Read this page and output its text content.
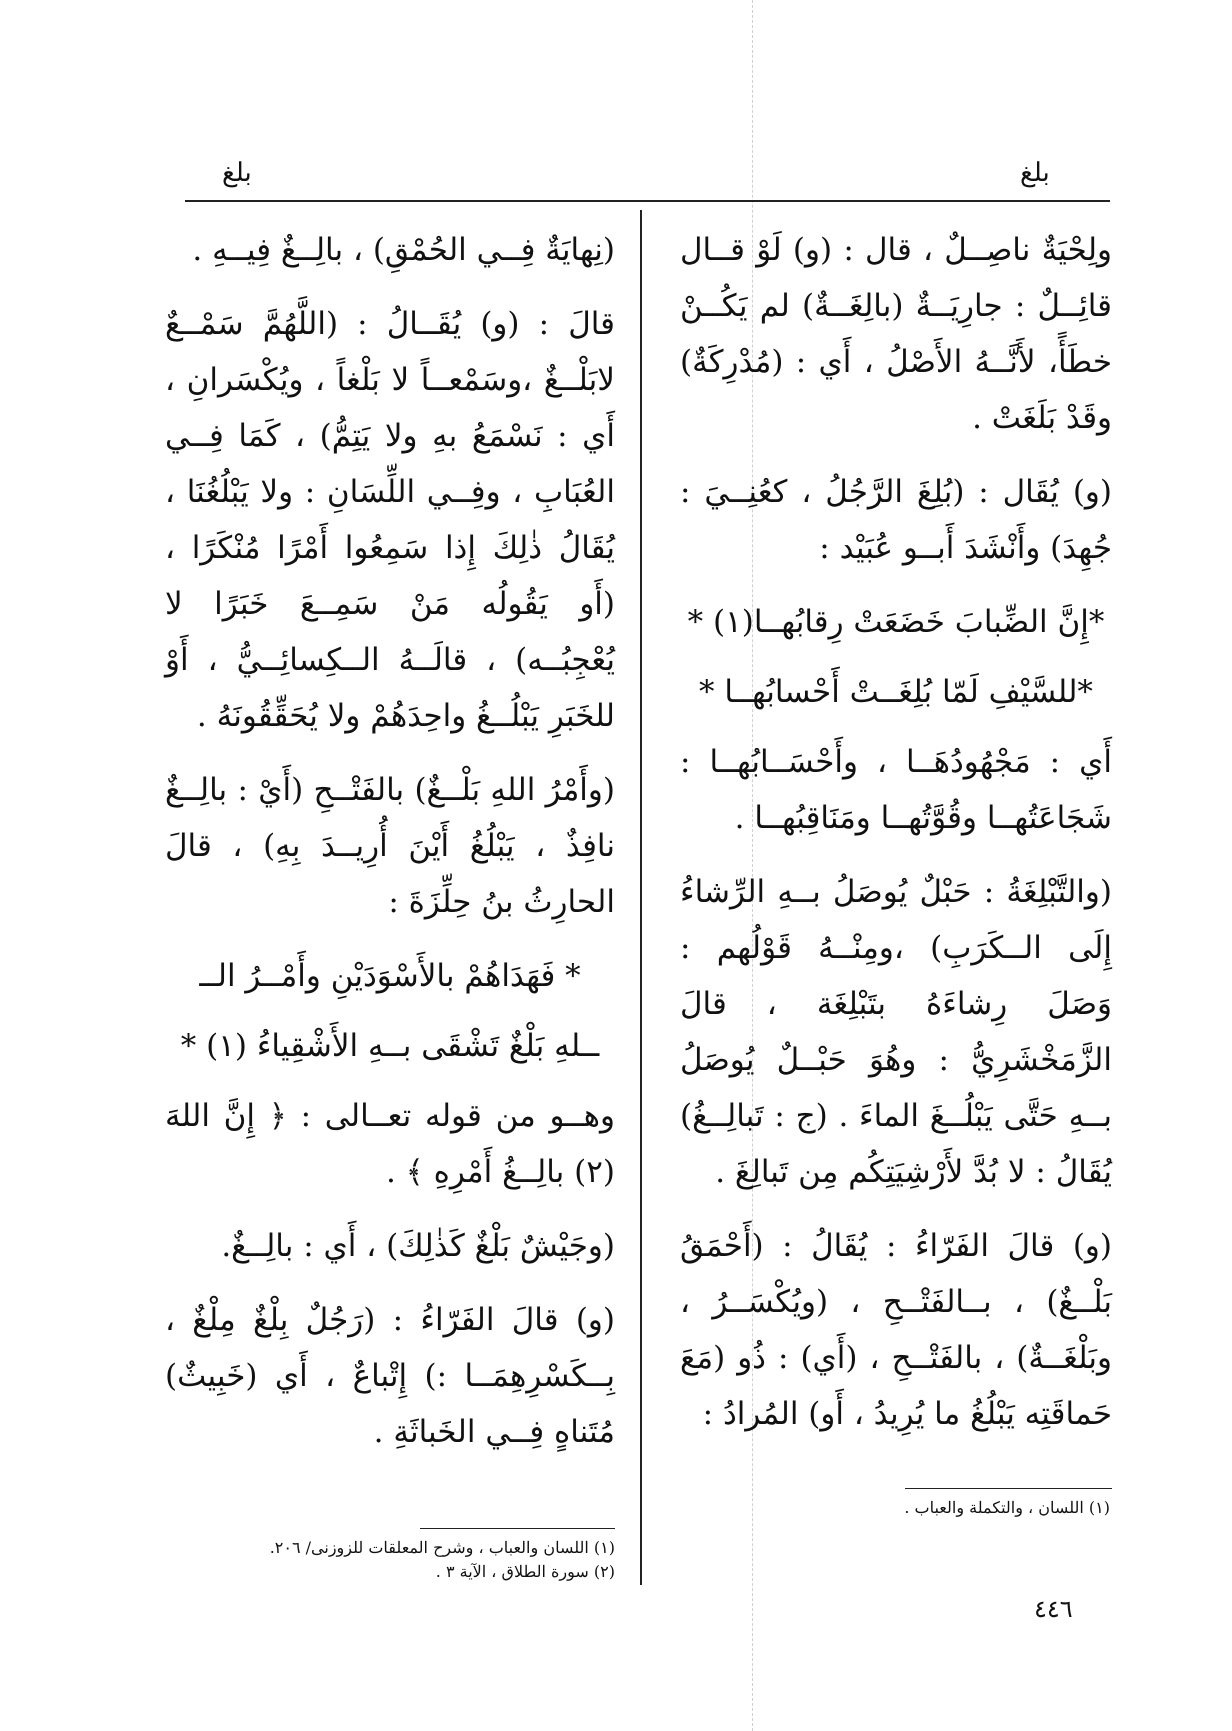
بلغ
بلغ

ولِحْيَةٌ ناصِــلٌ ، قال : (و) لَوْ قــال قائِــلٌ : جارِيَــةٌ (بالِغَــةٌ) لم يَكُــنْ خطَأً، لأَنَّــهُ الأَصْلُ ، أَي : (مُدْرِكَةٌ) وقَدْ بَلَغَتْ .

(و) يُقَال : (بُلِغَ الرَّجُلُ ، كعُنِــيَ : جُهِدَ) وأَنْشَدَ أَبــو عُبَيْد :

*إِنَّ الضِّبابَ خَضَعَتْ رِقابُهــا(١) *

*للسَّيْفِ لَمّا بُلِغَــتْ أَحْسابُهــا *

أَي : مَجْهُودُهَــا ، وأَحْسَــابُهــا : شَجَاعَتُهــا وقُوَّتُهــا ومَنَاقِبُهــا .

(والتَّبْلِغَةُ : حَبْلٌ يُوصَلُ بــهِ الرِّشاءُ إِلَى الــكَرَبِ) ،ومِنْــهُ قَوْلُهم : وَصَلَ رِشاءَهُ بتَبْلِغَة ، قالَ الزَّمَخْشَرِيُّ : وهُوَ حَبْــلٌ يُوصَلُ بــهِ حَتَّى يَبْلُــغَ الماءَ . (ج : تَبالِــغُ) يُقَالُ : لا بُدَّ لأَرْشِيَتِكُم مِن تَبالِغَ .

(و) قالَ الفَرّاءُ : يُقَالُ : (أَحْمَقُ بَلْــغٌ) ، بــالفَتْــحِ ، (ويُكْسَــرُ ، وبَلْغَــةٌ) ، بالفَتْــحِ ، (أَي) : ذُو (مَعَ حَماقَتِه يَبْلُغُ ما يُرِيدُ ، أَو) المُرادُ :

(نِهايَةٌ فِــي الحُمْقِ) ، بالِــغٌ فِيــهِ .

قالَ : (و) يُقَــالُ : (اللَّهُمَّ سَمْــعٌ لابَلْــغٌ ،وسَمْعــاً لا بَلْغاً ، ويُكْسَرانِ ، أَي : نَسْمَعُ بهِ ولا يَتِمُّ) ، كَمَا فِــي العُبَابِ ، وفِــي اللِّسَانِ : ولا يَبْلُغُنَا ، يُقَالُ ذٰلِكَ إِذا سَمِعُوا أَمْرًا مُنْكَرًا ، (أَو يَقُولُه مَنْ سَمِــعَ خَبَرًا لا يُعْجِبُــه) ، قالَــهُ الــكِسائِــيُّ ، أَوْ للخَبَرِ يَبْلُــغُ واحِدَهُمْ ولا يُحَقِّقُونَهُ .

(وأَمْرُ اللهِ بَلْــغٌ) بالفَتْــحِ (أَيْ : بالِــغٌ نافِذٌ ، يَبْلُغُ أَيْنَ أُرِيــدَ بِهِ) ، قالَ الحارِثُ بنُ حِلِّزَةَ :

* فَهَدَاهُمْ بالأَسْوَدَيْنِ وأَمْــرُ الــ

ــلهِ بَلْغٌ تَشْقَى بــهِ الأَشْقِياءُ (١) *

وهــو من قوله تعــالى : ﴿ إِنَّ اللهَ (٢) بالِــغُ أَمْرِهِ ﴾ .

(وجَيْشٌ بَلْغٌ كَذٰلِكَ) ، أَي : بالِــغٌ.

(و) قالَ الفَرّاءُ : (رَجُلٌ بِلْغٌ مِلْغٌ ، بِــكَسْرِهِمَــا :) إِتْباعٌ ، أَي (خَبِيثٌ) مُتَناهٍ فِــي الخَباثَةِ .

(١) اللسان ، والتكملة والعباب .
(١) اللسان والعباب ، وشرح المعلقات للزوزنى/ ٢٠٦.
(٢) سورة الطلاق ، الآية ٣ .
٤٤٦
